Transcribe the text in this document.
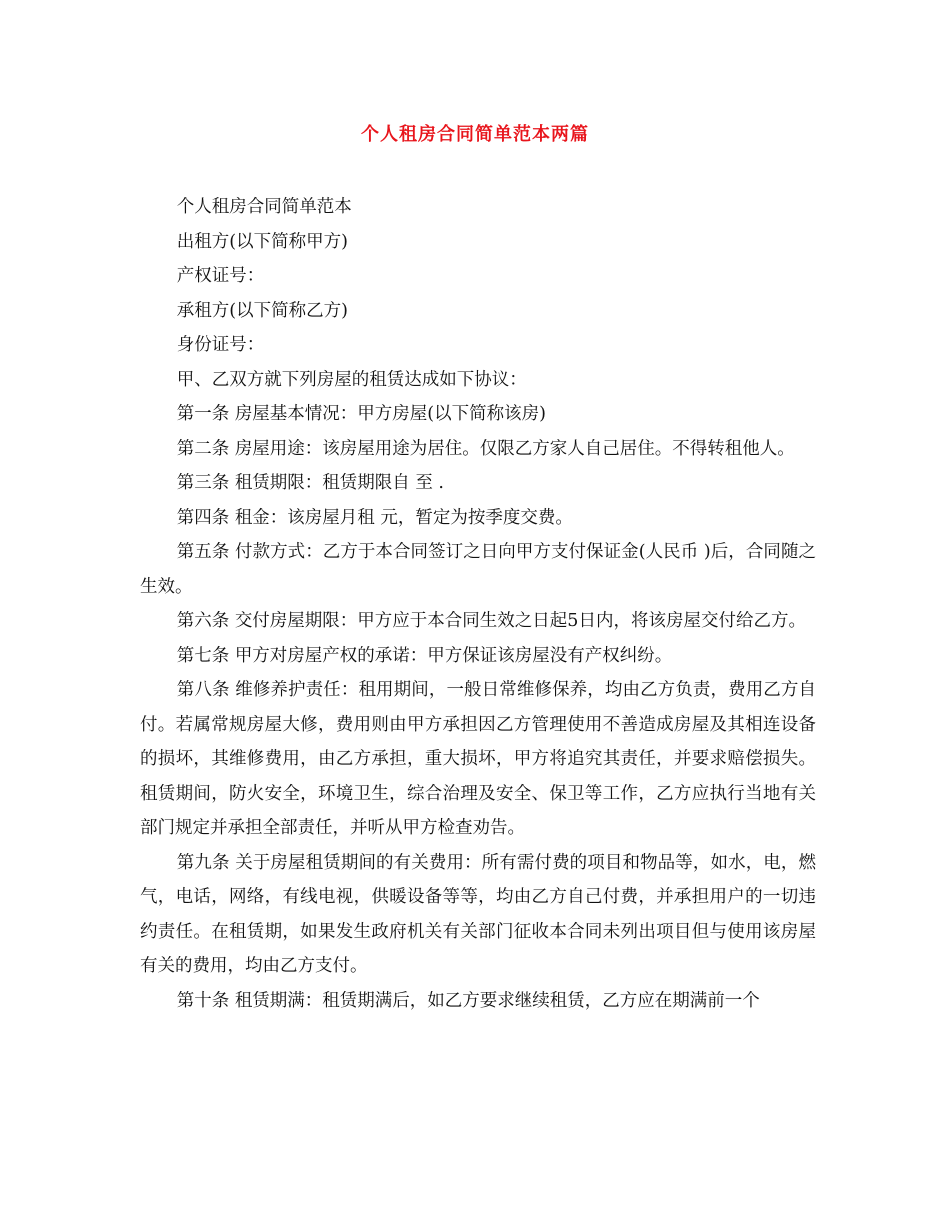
个人租房合同简单范本两篇

个人租房合同简单范本

出租方(以下简称甲方)

产权证号：

承租方(以下简称乙方)

身份证号：

甲、乙双方就下列房屋的租赁达成如下协议：

第一条 房屋基本情况：甲方房屋(以下简称该房)

第二条 房屋用途：该房屋用途为居住。仅限乙方家人自己居住。不得转租他人。

第三条 租赁期限：租赁期限自 至 .

第四条 租金：该房屋月租 元，暂定为按季度交费。

第五条 付款方式：乙方于本合同签订之日向甲方支付保证金(人民币 )后，合同随之生效。

第六条 交付房屋期限：甲方应于本合同生效之日起5日内，将该房屋交付给乙方。

第七条 甲方对房屋产权的承诺：甲方保证该房屋没有产权纠纷。

第八条 维修养护责任：租用期间，一般日常维修保养，均由乙方负责，费用乙方自付。若属常规房屋大修，费用则由甲方承担因乙方管理使用不善造成房屋及其相连设备的损坏，其维修费用，由乙方承担，重大损坏，甲方将追究其责任，并要求赔偿损失。租赁期间，防火安全，环境卫生，综合治理及安全、保卫等工作，乙方应执行当地有关部门规定并承担全部责任，并听从甲方检查劝告。

第九条 关于房屋租赁期间的有关费用：所有需付费的项目和物品等，如水，电，燃气，电话，网络，有线电视，供暖设备等等，均由乙方自己付费，并承担用户的一切违约责任。在租赁期，如果发生政府机关有关部门征收本合同未列出项目但与使用该房屋有关的费用，均由乙方支付。

第十条 租赁期满：租赁期满后，如乙方要求继续租赁，乙方应在期满前一个
